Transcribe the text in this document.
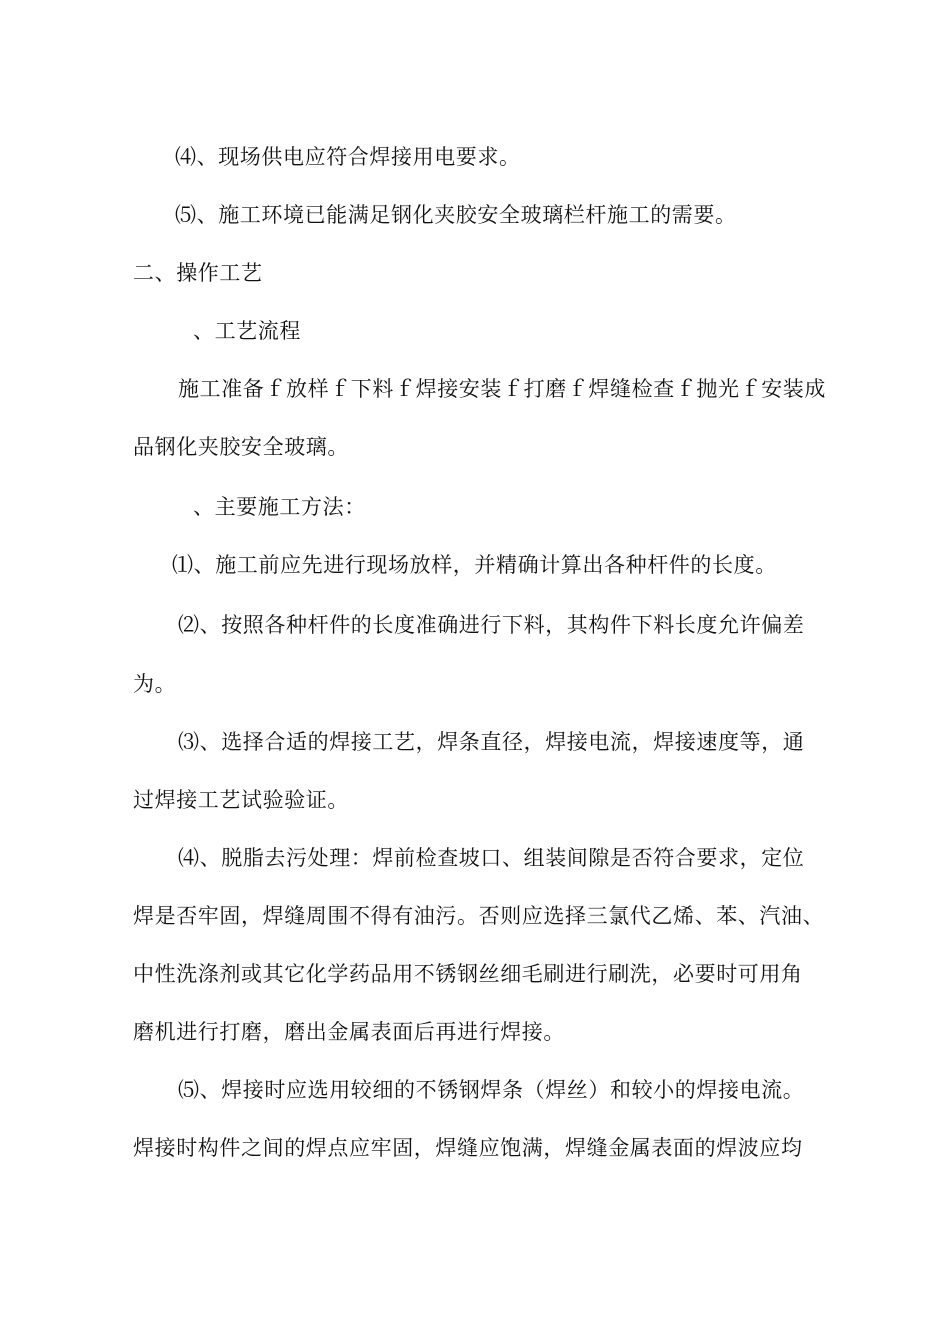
⑷、现场供电应符合焊接用电要求。
⑸、施工环境已能满足钢化夹胶安全玻璃栏杆施工的需要。
二、操作工艺
、工艺流程
施工准备ｆ放样ｆ下料ｆ焊接安装ｆ打磨ｆ焊缝检查ｆ抛光ｆ安装成
品钢化夹胶安全玻璃。
、主要施工方法：
⑴、施工前应先进行现场放样，并精确计算出各种杆件的长度。
⑵、按照各种杆件的长度准确进行下料，其构件下料长度允许偏差
为。
⑶、选择合适的焊接工艺，焊条直径，焊接电流，焊接速度等，通
过焊接工艺试验验证。
⑷、脱脂去污处理：焊前检查坡口、组装间隙是否符合要求，定位
焊是否牢固，焊缝周围不得有油污。否则应选择三氯代乙烯、苯、汽油、
中性洗涤剂或其它化学药品用不锈钢丝细毛刷进行刷洗，必要时可用角
磨机进行打磨，磨出金属表面后再进行焊接。
⑸、焊接时应选用较细的不锈钢焊条（焊丝）和较小的焊接电流。
焊接时构件之间的焊点应牢固，焊缝应饱满，焊缝金属表面的焊波应均
